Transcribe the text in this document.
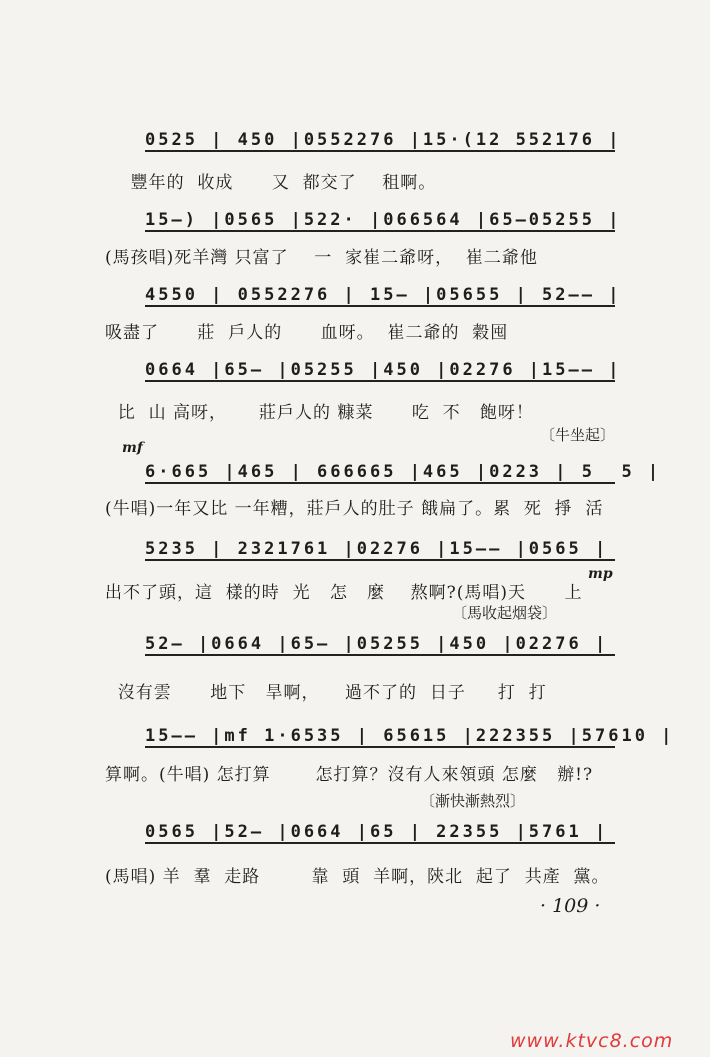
0525 | 450 |0552276 |15·(12 552176 |

豐年的  收成      又  都交了    租啊。

15—) |0565 |522· |066564 |65—05255 |

(馬孩唱)死羊灣 只富了    一  家崔二爺呀，  崔二爺他

4550 | 0552276 | 15— |05655 | 52—— |

吸盡了      莊  戶人的      血呀。  崔二爺的  穀囤

0664 |65— |05255 |450 |02276 |15—— |

比  山 高呀，     莊戶人的 糠菜      吃  不   飽呀！
〔牛坐起〕
mf

6·665 |465 | 666665 |465 |0223 | 5  5 |

(牛唱)一年又比 一年糟，莊戶人的肚子 餓扁了。累  死  掙  活

5235 | 2321761 |02276 |15—— |0565 |

mp
出不了頭，這  樣的時  光   怎   麼    熬啊?(馬唱)天      上
〔馬收起烟袋〕

52— |0664 |65— |05255 |450 |02276 |

沒有雲      地下   旱啊，    過不了的  日子     打  打

15—— |mf 1·6535 | 65615 |222355 |57610 |

算啊。(牛唱) 怎打算       怎打算？沒有人來領頭 怎麼   辦!?
〔漸快漸熱烈〕

0565 |52— |0664 |65 | 22355 |5761 |

(馬唱) 羊  羣  走路        靠  頭  羊啊，陝北  起了  共產  黨。
· 109 ·
www.ktvc8.com
